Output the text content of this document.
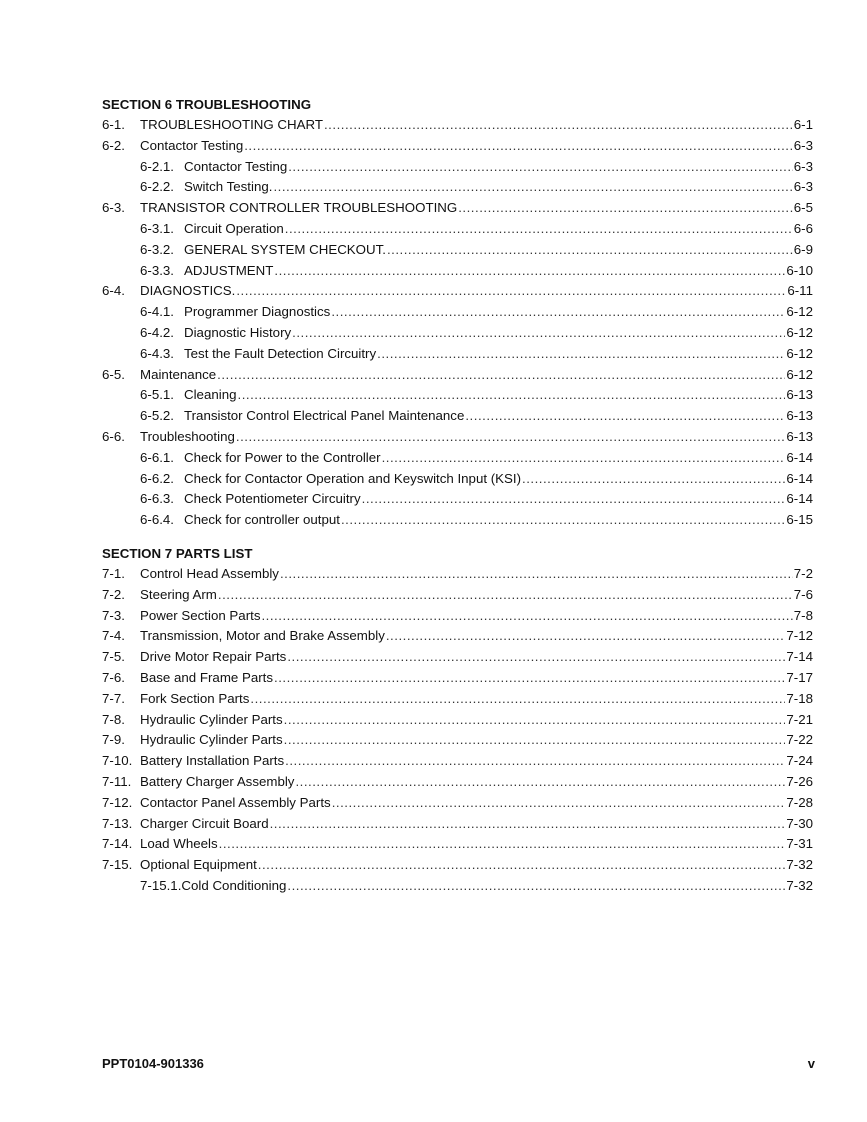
SECTION 6 TROUBLESHOOTING
6-1.	TROUBLESHOOTING CHART .....	6-1
6-2.	Contactor Testing .....	6-3
6-2.1. Contactor Testing .....	6-3
6-2.2. Switch Testing. .....	6-3
6-3.	TRANSISTOR CONTROLLER TROUBLESHOOTING .....	6-5
6-3.1. Circuit Operation .....	6-6
6-3.2. GENERAL SYSTEM CHECKOUT. .....	6-9
6-3.3. ADJUSTMENT .....	6-10
6-4.	DIAGNOSTICS. .....	6-11
6-4.1. Programmer Diagnostics .....	6-12
6-4.2. Diagnostic History .....	6-12
6-4.3. Test the Fault Detection Circuitry .....	6-12
6-5.	Maintenance .....	6-12
6-5.1. Cleaning .....	6-13
6-5.2. Transistor Control Electrical Panel Maintenance .....	6-13
6-6.	Troubleshooting .....	6-13
6-6.1. Check for Power to the Controller .....	6-14
6-6.2. Check for Contactor Operation and Keyswitch Input (KSI) .....	6-14
6-6.3. Check Potentiometer Circuitry .....	6-14
6-6.4. Check for controller output .....	6-15
SECTION 7 PARTS LIST
7-1.	Control Head Assembly .....	7-2
7-2.	Steering Arm .....	7-6
7-3.	Power Section Parts .....	7-8
7-4.	Transmission, Motor and Brake Assembly .....	7-12
7-5.	Drive Motor Repair Parts .....	7-14
7-6.	Base and Frame Parts .....	7-17
7-7.	Fork Section Parts .....	7-18
7-8.	Hydraulic Cylinder Parts .....	7-21
7-9.	Hydraulic Cylinder Parts .....	7-22
7-10. Battery Installation Parts .....	7-24
7-11. Battery Charger Assembly .....	7-26
7-12. Contactor Panel Assembly Parts .....	7-28
7-13. Charger Circuit Board .....	7-30
7-14. Load Wheels .....	7-31
7-15. Optional Equipment .....	7-32
7-15.1. Cold Conditioning .....	7-32
PPT0104-901336	v
